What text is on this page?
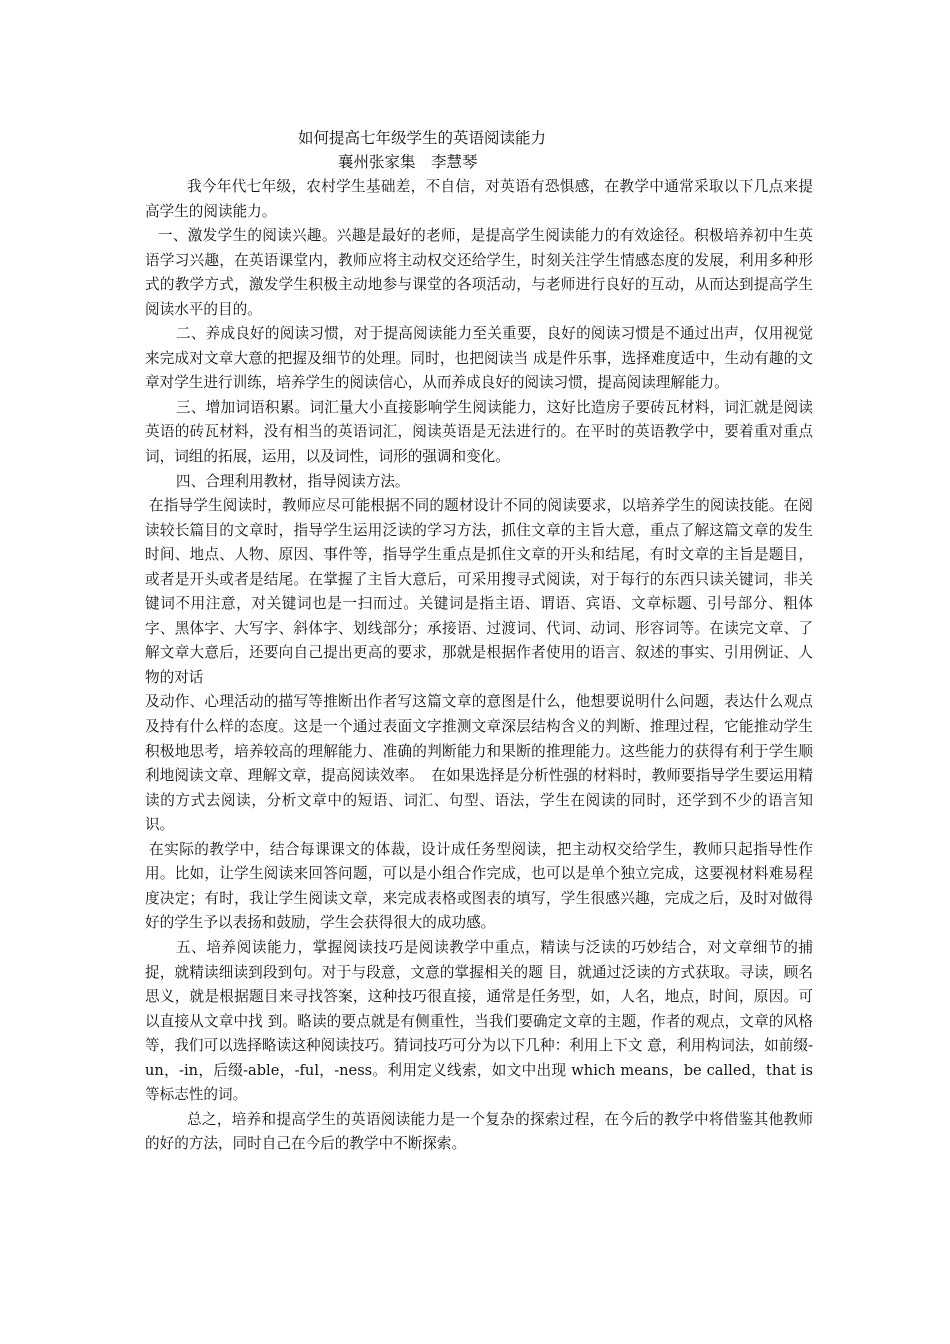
如何提高七年级学生的英语阅读能力
襄州张家集　李慧琴

我今年代七年级，农村学生基础差，不自信，对英语有恐惧感，在教学中通常采取以下几点来提高学生的阅读能力。

一、激发学生的阅读兴趣。兴趣是最好的老师，是提高学生阅读能力的有效途径。积极培养初中生英语学习兴趣，在英语课堂内，教师应将主动权交还给学生，时刻关注学生情感态度的发展，利用多种形式的教学方式，激发学生积极主动地参与课堂的各项活动，与老师进行良好的互动，从而达到提高学生阅读水平的目的。

二、养成良好的阅读习惯，对于提高阅读能力至关重要，良好的阅读习惯是不通过出声，仅用视觉来完成对文章大意的把握及细节的处理。同时，也把阅读当 成是件乐事，选择难度适中，生动有趣的文章对学生进行训练，培养学生的阅读信心，从而养成良好的阅读习惯，提高阅读理解能力。

三、增加词语积累。词汇量大小直接影响学生阅读能力，这好比造房子要砖瓦材料，词汇就是阅读英语的砖瓦材料，没有相当的英语词汇，阅读英语是无法进行的。在平时的英语教学中，要着重对重点词，词组的拓展，运用，以及词性，词形的强调和变化。

四、合理利用教材，指导阅读方法。

在指导学生阅读时，教师应尽可能根据不同的题材设计不同的阅读要求，以培养学生的阅读技能。在阅读较长篇目的文章时，指导学生运用泛读的学习方法，抓住文章的主旨大意，重点了解这篇文章的发生时间、地点、人物、原因、事件等，指导学生重点是抓住文章的开头和结尾，有时文章的主旨是题目，或者是开头或者是结尾。在掌握了主旨大意后，可采用搜寻式阅读，对于每行的东西只读关键词，非关键词不用注意，对关键词也是一扫而过。关键词是指主语、谓语、宾语、文章标题、引号部分、粗体字、黑体字、大写字、斜体字、划线部分；承接语、过渡词、代词、动词、形容词等。在读完文章、了解文章大意后，还要向自己提出更高的要求，那就是根据作者使用的语言、叙述的事实、引用例证、人物的对话

及动作、心理活动的描写等推断出作者写这篇文章的意图是什么，他想要说明什么问题，表达什么观点及持有什么样的态度。这是一个通过表面文字推测文章深层结构含义的判断、推理过程，它能推动学生积极地思考，培养较高的理解能力、准确的判断能力和果断的推理能力。这些能力的获得有利于学生顺利地阅读文章、理解文章，提高阅读效率。　在如果选择是分析性强的材料时，教师要指导学生要运用精读的方式去阅读，分析文章中的短语、词汇、句型、语法，学生在阅读的同时，还学到不少的语言知识。

在实际的教学中，结合每课课文的体裁，设计成任务型阅读，把主动权交给学生，教师只起指导性作用。比如，让学生阅读来回答问题，可以是小组合作完成，也可以是单个独立完成，这要视材料难易程度决定；有时，我让学生阅读文章，来完成表格或图表的填写，学生很感兴趣，完成之后，及时对做得好的学生予以表扬和鼓励，学生会获得很大的成功感。

五、培养阅读能力，掌握阅读技巧是阅读教学中重点，精读与泛读的巧妙结合，对文章细节的捕捉，就精读细读到段到句。对于与段意，文意的掌握相关的题 目，就通过泛读的方式获取。寻读，顾名思义，就是根据题目来寻找答案，这种技巧很直接，通常是任务型，如，人名，地点，时间，原因。可以直接从文章中找 到。略读的要点就是有侧重性，当我们要确定文章的主题，作者的观点，文章的风格等，我们可以选择略读这种阅读技巧。猜词技巧可分为以下几种：利用上下文 意，利用构词法，如前缀-un，-in，后缀-able，-ful，-ness。利用定义线索，如文中出现 which means，be called，that is 等标志性的词。

总之，培养和提高学生的英语阅读能力是一个复杂的探索过程，在今后的教学中将借鉴其他教师的好的方法，同时自己在今后的教学中不断探索。
